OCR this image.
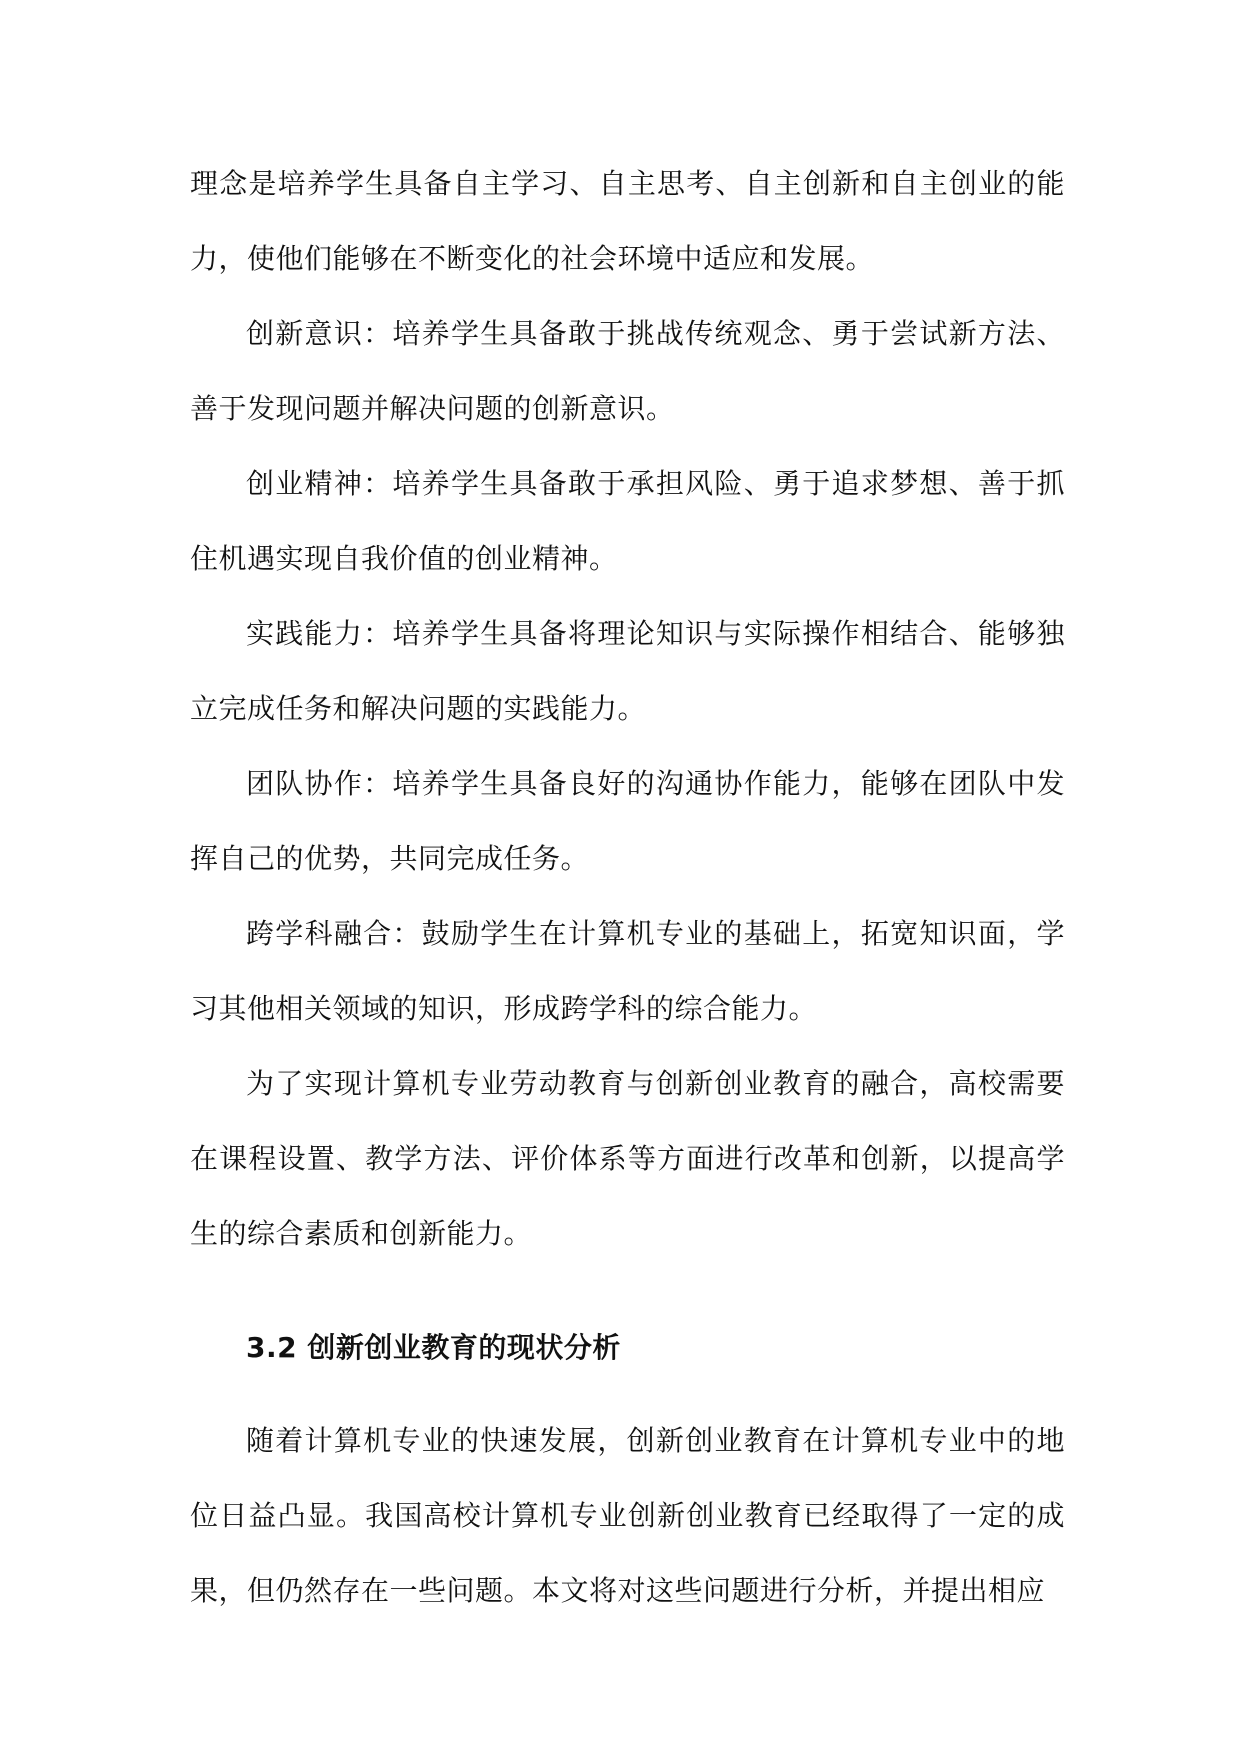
理念是培养学生具备自主学习、自主思考、自主创新和自主创业的能力，使他们能够在不断变化的社会环境中适应和发展。

创新意识：培养学生具备敢于挑战传统观念、勇于尝试新方法、善于发现问题并解决问题的创新意识。

创业精神：培养学生具备敢于承担风险、勇于追求梦想、善于抓住机遇实现自我价值的创业精神。

实践能力：培养学生具备将理论知识与实际操作相结合、能够独立完成任务和解决问题的实践能力。

团队协作：培养学生具备良好的沟通协作能力，能够在团队中发挥自己的优势，共同完成任务。

跨学科融合：鼓励学生在计算机专业的基础上，拓宽知识面，学习其他相关领域的知识，形成跨学科的综合能力。

为了实现计算机专业劳动教育与创新创业教育的融合，高校需要在课程设置、教学方法、评价体系等方面进行改革和创新，以提高学生的综合素质和创新能力。

3.2 创新创业教育的现状分析

随着计算机专业的快速发展，创新创业教育在计算机专业中的地位日益凸显。我国高校计算机专业创新创业教育已经取得了一定的成果，但仍然存在一些问题。本文将对这些问题进行分析，并提出相应
